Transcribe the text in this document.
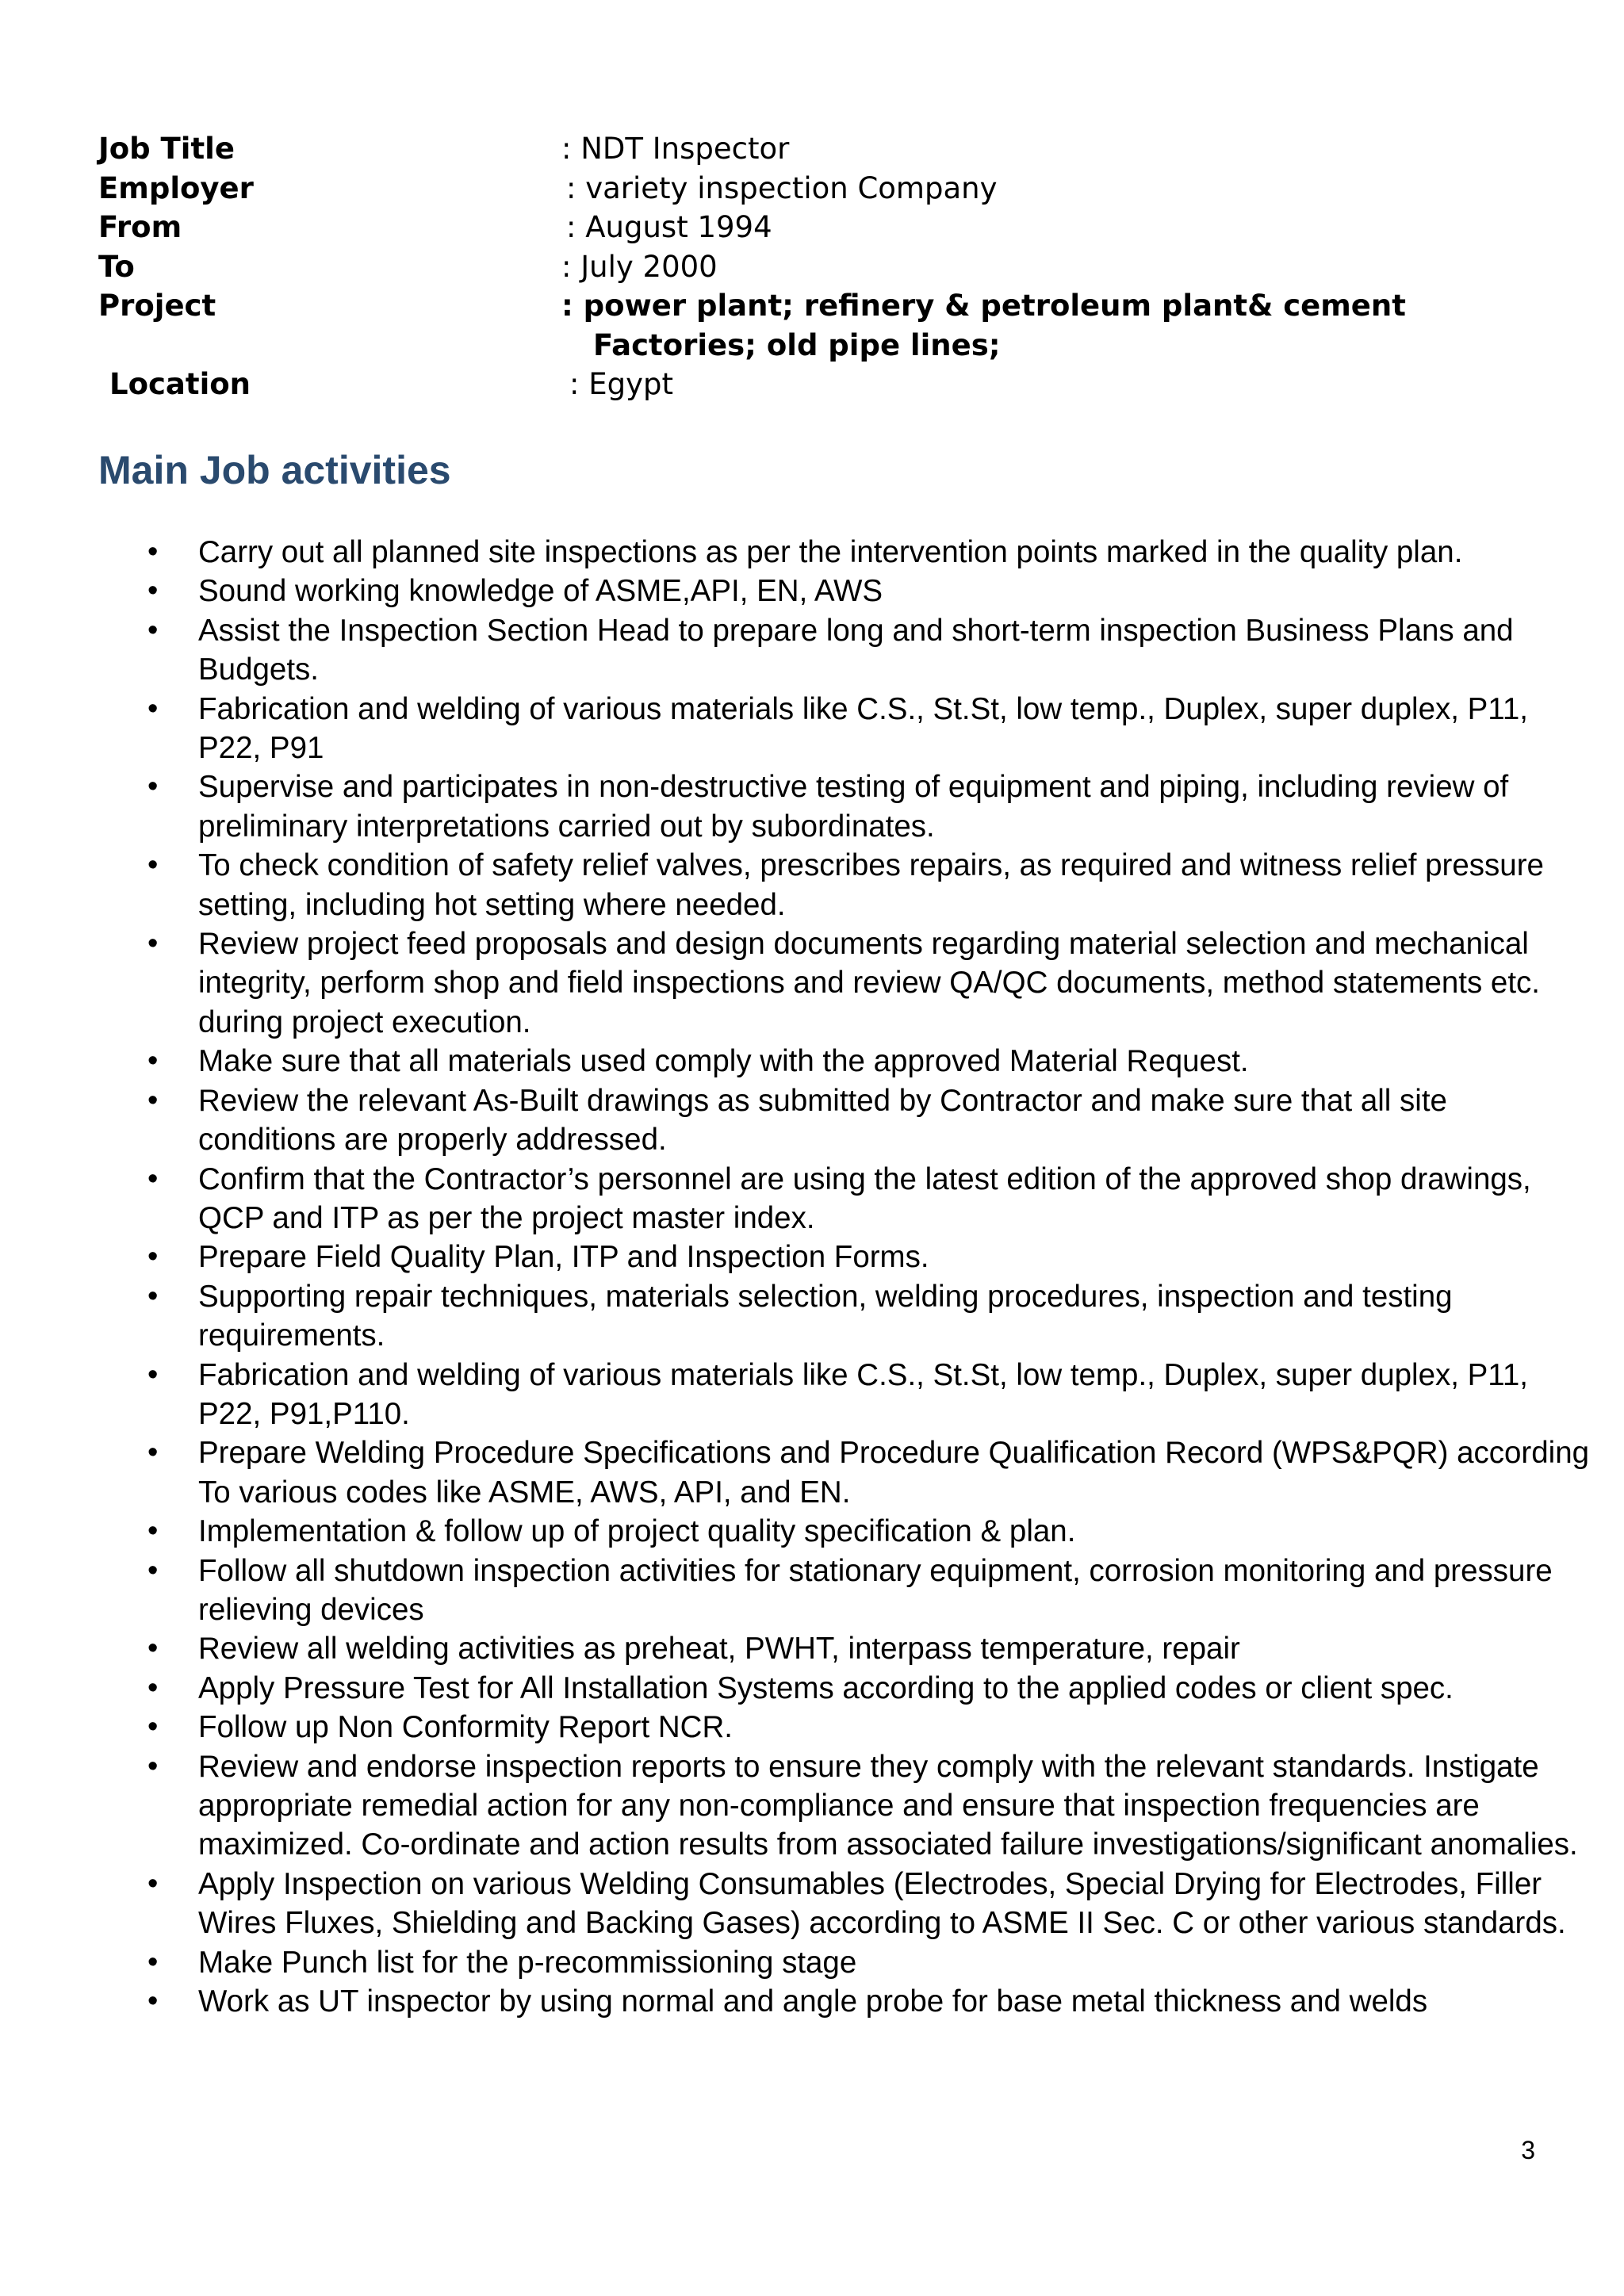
Job Title	: NDT Inspector
Employer	: variety inspection Company
From	: August 1994
To	: July 2000
Project	: power plant; refinery & petroleum plant& cement
Factories; old pipe lines;
Location	: Egypt
Main Job activities
• Carry out all planned site inspections as per the intervention points marked in the quality plan.
• Sound working knowledge of ASME,API, EN, AWS
• Assist the Inspection Section Head to prepare long and short-term inspection Business Plans and Budgets.
• Fabrication and welding of various materials like C.S., St.St, low temp., Duplex, super duplex, P11, P22, P91
• Supervise and participates in non-destructive testing of equipment and piping, including review of preliminary interpretations carried out by subordinates.
• To check condition of safety relief valves, prescribes repairs, as required and witness relief pressure setting, including hot setting where needed.
• Review project feed proposals and design documents regarding material selection and mechanical integrity, perform shop and field inspections and review QA/QC documents, method statements etc. during project execution.
• Make sure that all materials used comply with the approved Material Request.
• Review the relevant As-Built drawings as submitted by Contractor and make sure that all site conditions are properly addressed.
• Confirm that the Contractor’s personnel are using the latest edition of the approved shop drawings, QCP and ITP as per the project master index.
• Prepare Field Quality Plan, ITP and Inspection Forms.
• Supporting repair techniques, materials selection, welding procedures, inspection and testing requirements.
• Fabrication and welding of various materials like C.S., St.St, low temp., Duplex, super duplex, P11, P22, P91,P110.
• Prepare Welding Procedure Specifications and Procedure Qualification Record (WPS&PQR) according To various codes like ASME, AWS, API, and EN.
• Implementation & follow up of project quality specification & plan.
• Follow all shutdown inspection activities for stationary equipment, corrosion monitoring and pressure relieving devices
• Review all welding activities as preheat, PWHT, interpass temperature, repair
• Apply Pressure Test for All Installation Systems according to the applied codes or client spec.
• Follow up Non Conformity Report NCR.
• Review and endorse inspection reports to ensure they comply with the relevant standards. Instigate appropriate remedial action for any non-compliance and ensure that inspection frequencies are maximized. Co-ordinate and action results from associated failure investigations/significant anomalies.
• Apply Inspection on various Welding Consumables (Electrodes, Special Drying for Electrodes, Filler Wires Fluxes, Shielding and Backing Gases) according to ASME II Sec. C or other various standards.
• Make Punch list for the p-recommissioning stage
• Work as UT inspector by using normal and angle probe for base metal thickness and welds
3
